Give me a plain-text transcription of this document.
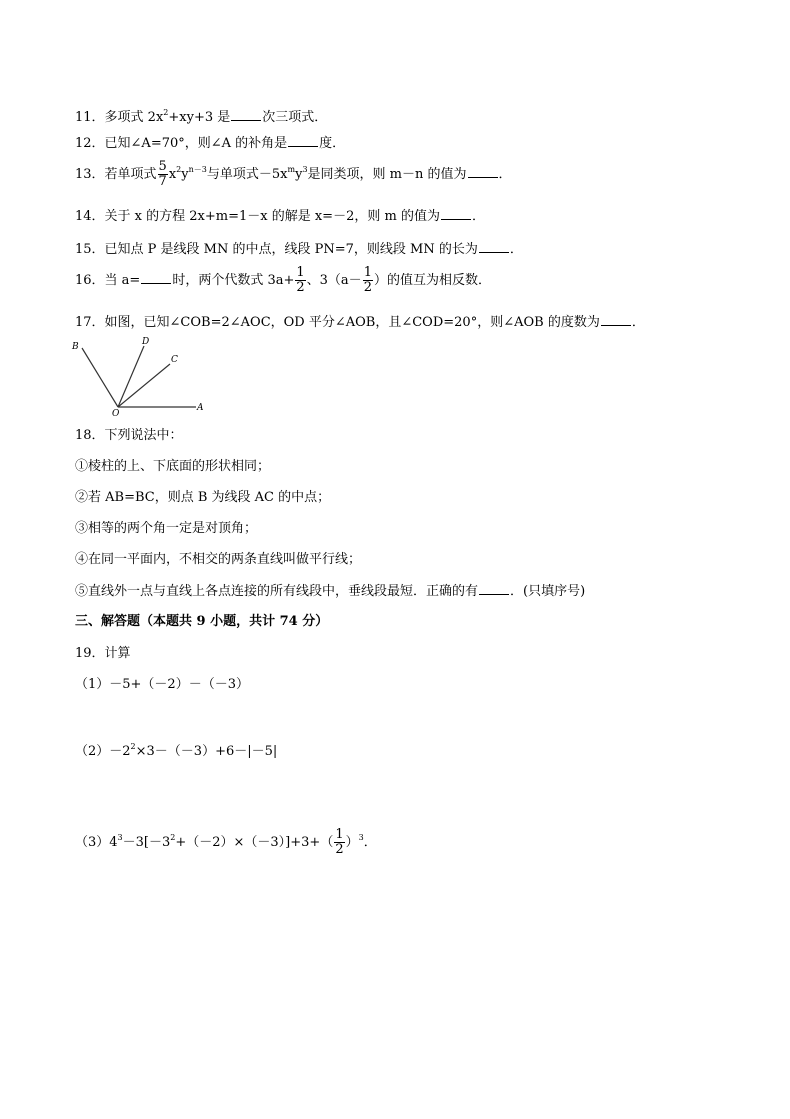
11．多项式 $2x^2+xy+3$ 是 次三项式．
12．已知∠A=70°，则∠A 的补角是 度．
13．若单项式 $\frac{5}{7} x^2y^{n-3}$与单项式$-5x^my^3$是同类项，则 m－n 的值为 ．
14．关于 x 的方程 2x+m=1－x 的解是 x=－2，则 m 的值为 ．
15．已知点 P 是线段 MN 的中点，线段 PN=7，则线段 MN 的长为 ．
16．当 a= 时，两个代数式 $3a+ \frac{1}{2}$ 、$3(a- \frac{1}{2}$ ）的值互为相反数．
17．如图，已知∠COB=2∠AOC，OD 平分∠AOB，且∠COD=20°，则∠AOB 的度数为 ．
B	D
C
O
A
18．下列说法中：
①棱柱的上、下底面的形状相同；
②若 AB=BC，则点 B 为线段 AC 的中点；
③相等的两个角一定是对顶角；
④在同一平面内，不相交的两条直线叫做平行线；
⑤直线外一点与直线上各点连接的所有线段中，垂线段最短．正确的有 ．(只填序号)
三、解答题（本题共 9 小题，共计 74 分）
19．计算
（1）－5+（－2）－（－3）
$(2)-2^2\times 3-(-3)+6-|-5|$
$(3)4^3-3[-3^2+(-2)\times(-3)]+3+( \frac{1}{2} )^3$．
